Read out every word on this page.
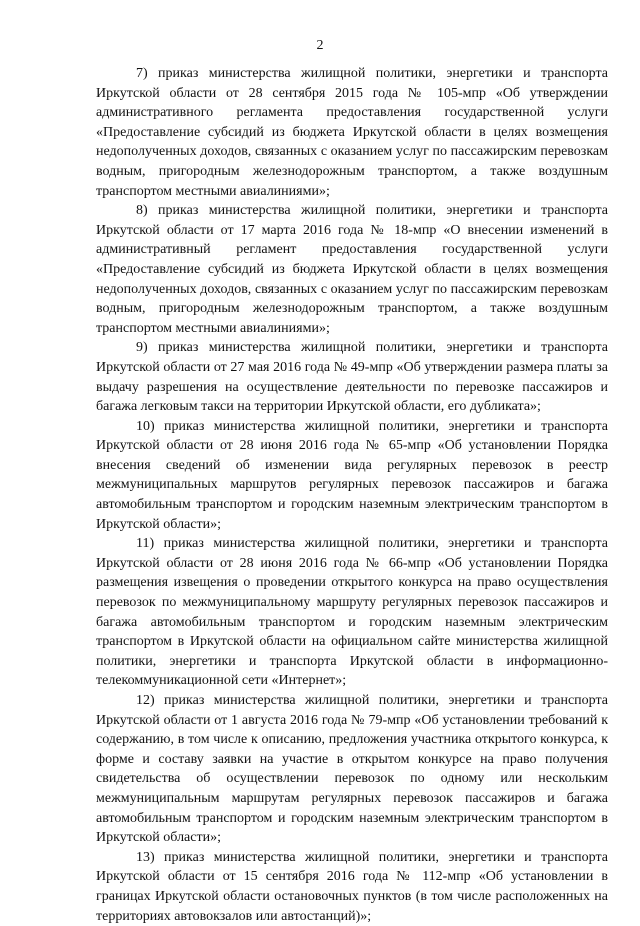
2

7) приказ министерства жилищной политики, энергетики и транспорта
Иркутской области от 28 сентября 2015 года № 105-мпр «Об утверждении административного регламента предоставления государственной услуги «Предоставление субсидий из бюджета Иркутской области в целях возмещения недополученных доходов, связанных с оказанием услуг по пассажирским перевозкам водным, пригородным железнодорожным транспортом, а также воздушным транспортом местными авиалиниями»;

8) приказ министерства жилищной политики, энергетики и транспорта
Иркутской области от 17 марта 2016 года № 18-мпр «О внесении изменений в административный регламент предоставления государственной услуги «Предоставление субсидий из бюджета Иркутской области в целях возмещения недополученных доходов, связанных с оказанием услуг по пассажирским перевозкам водным, пригородным железнодорожным транспортом, а также воздушным транспортом местными авиалиниями»;

9) приказ министерства жилищной политики, энергетики и транспорта
Иркутской области от 27 мая 2016 года № 49-мпр «Об утверждении размера платы за выдачу разрешения на осуществление деятельности по перевозке пассажиров и багажа легковым такси на территории Иркутской области, его дубликата»;

10) приказ министерства жилищной политики, энергетики и транспорта
Иркутской области от 28 июня 2016 года № 65-мпр «Об установлении Порядка внесения сведений об изменении вида регулярных перевозок в реестр межмуниципальных маршрутов регулярных перевозок пассажиров и багажа автомобильным транспортом и городским наземным электрическим транспортом в Иркутской области»;

11) приказ министерства жилищной политики, энергетики и транспорта
Иркутской области от 28 июня 2016 года № 66-мпр «Об установлении Порядка размещения извещения о проведении открытого конкурса на право осуществления перевозок по межмуниципальному маршруту регулярных перевозок пассажиров и багажа автомобильным транспортом и городским наземным электрическим транспортом в Иркутской области на официальном сайте министерства жилищной политики, энергетики и транспорта Иркутской области в информационно-телекоммуникационной сети «Интернет»;

12) приказ министерства жилищной политики, энергетики и транспорта
Иркутской области от 1 августа 2016 года № 79-мпр «Об установлении требований к содержанию, в том числе к описанию, предложения участника открытого конкурса, к форме и составу заявки на участие в открытом конкурсе на право получения свидетельства об осуществлении перевозок по одному или нескольким межмуниципальным маршрутам регулярных перевозок пассажиров и багажа автомобильным транспортом и городским наземным электрическим транспортом в Иркутской области»;

13) приказ министерства жилищной политики, энергетики и транспорта
Иркутской области от 15 сентября 2016 года № 112-мпр «Об установлении в границах Иркутской области остановочных пунктов (в том числе расположенных на территориях автовокзалов или автостанций)»;
